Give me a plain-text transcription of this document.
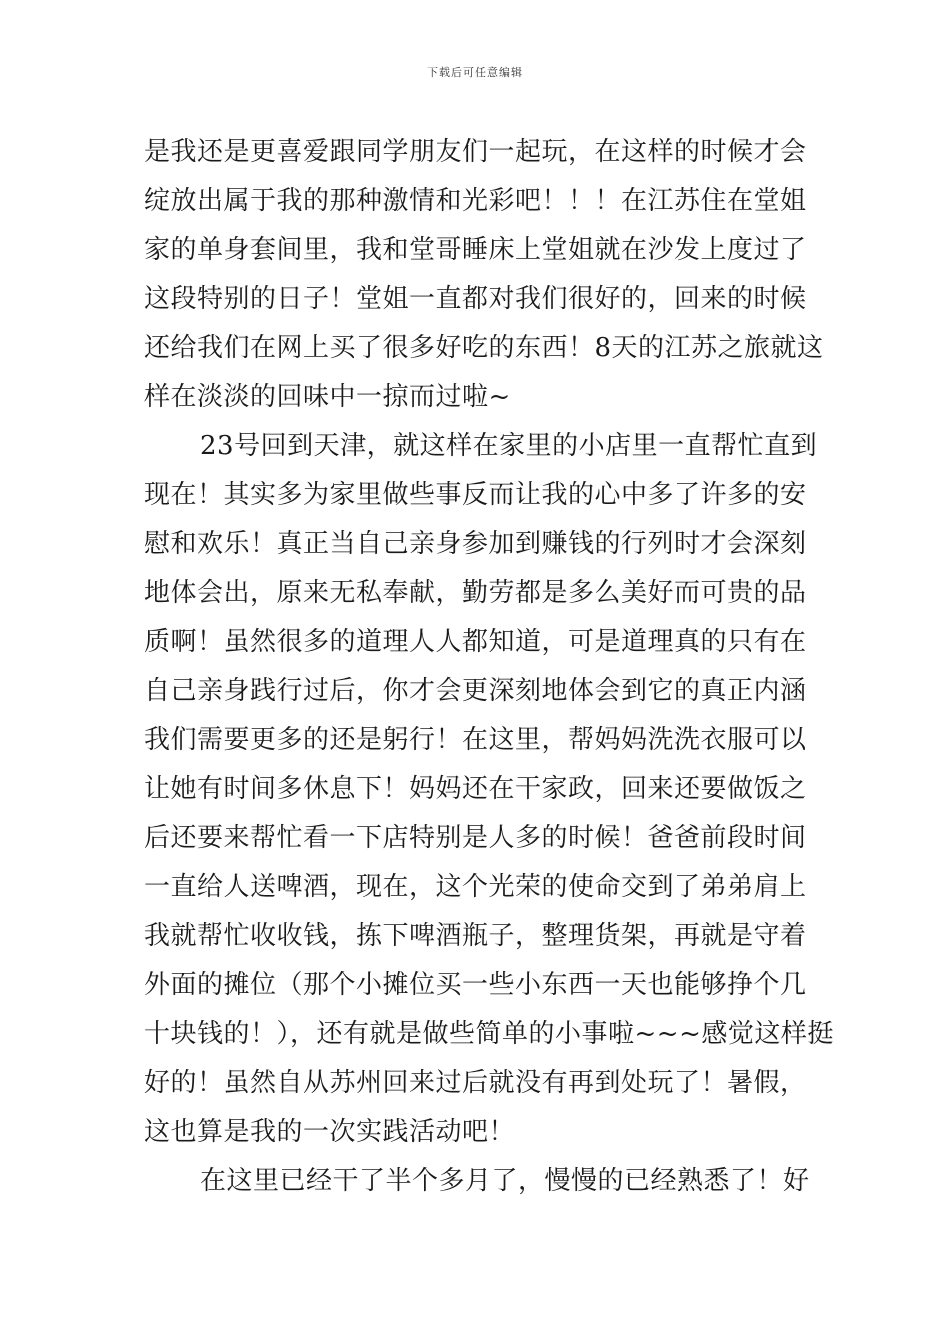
下载后可任意编辑
是我还是更喜爱跟同学朋友们一起玩，在这样的时候才会
绽放出属于我的那种激情和光彩吧！！！在江苏住在堂姐
家的单身套间里，我和堂哥睡床上堂姐就在沙发上度过了
这段特别的日子！堂姐一直都对我们很好的，回来的时候
还给我们在网上买了很多好吃的东西！8天的江苏之旅就这
样在淡淡的回味中一掠而过啦~
23号回到天津，就这样在家里的小店里一直帮忙直到
现在！其实多为家里做些事反而让我的心中多了许多的安
慰和欢乐！真正当自己亲身参加到赚钱的行列时才会深刻
地体会出，原来无私奉献，勤劳都是多么美好而可贵的品
质啊！虽然很多的道理人人都知道，可是道理真的只有在
自己亲身践行过后，你才会更深刻地体会到它的真正内涵
我们需要更多的还是躬行！在这里，帮妈妈洗洗衣服可以
让她有时间多休息下！妈妈还在干家政，回来还要做饭之
后还要来帮忙看一下店特别是人多的时候！爸爸前段时间
一直给人送啤酒，现在，这个光荣的使命交到了弟弟肩上
我就帮忙收收钱，拣下啤酒瓶子，整理货架，再就是守着
外面的摊位（那个小摊位买一些小东西一天也能够挣个几
十块钱的！），还有就是做些简单的小事啦~~~感觉这样挺
好的！虽然自从苏州回来过后就没有再到处玩了！暑假，
这也算是我的一次实践活动吧！
在这里已经干了半个多月了，慢慢的已经熟悉了！好
